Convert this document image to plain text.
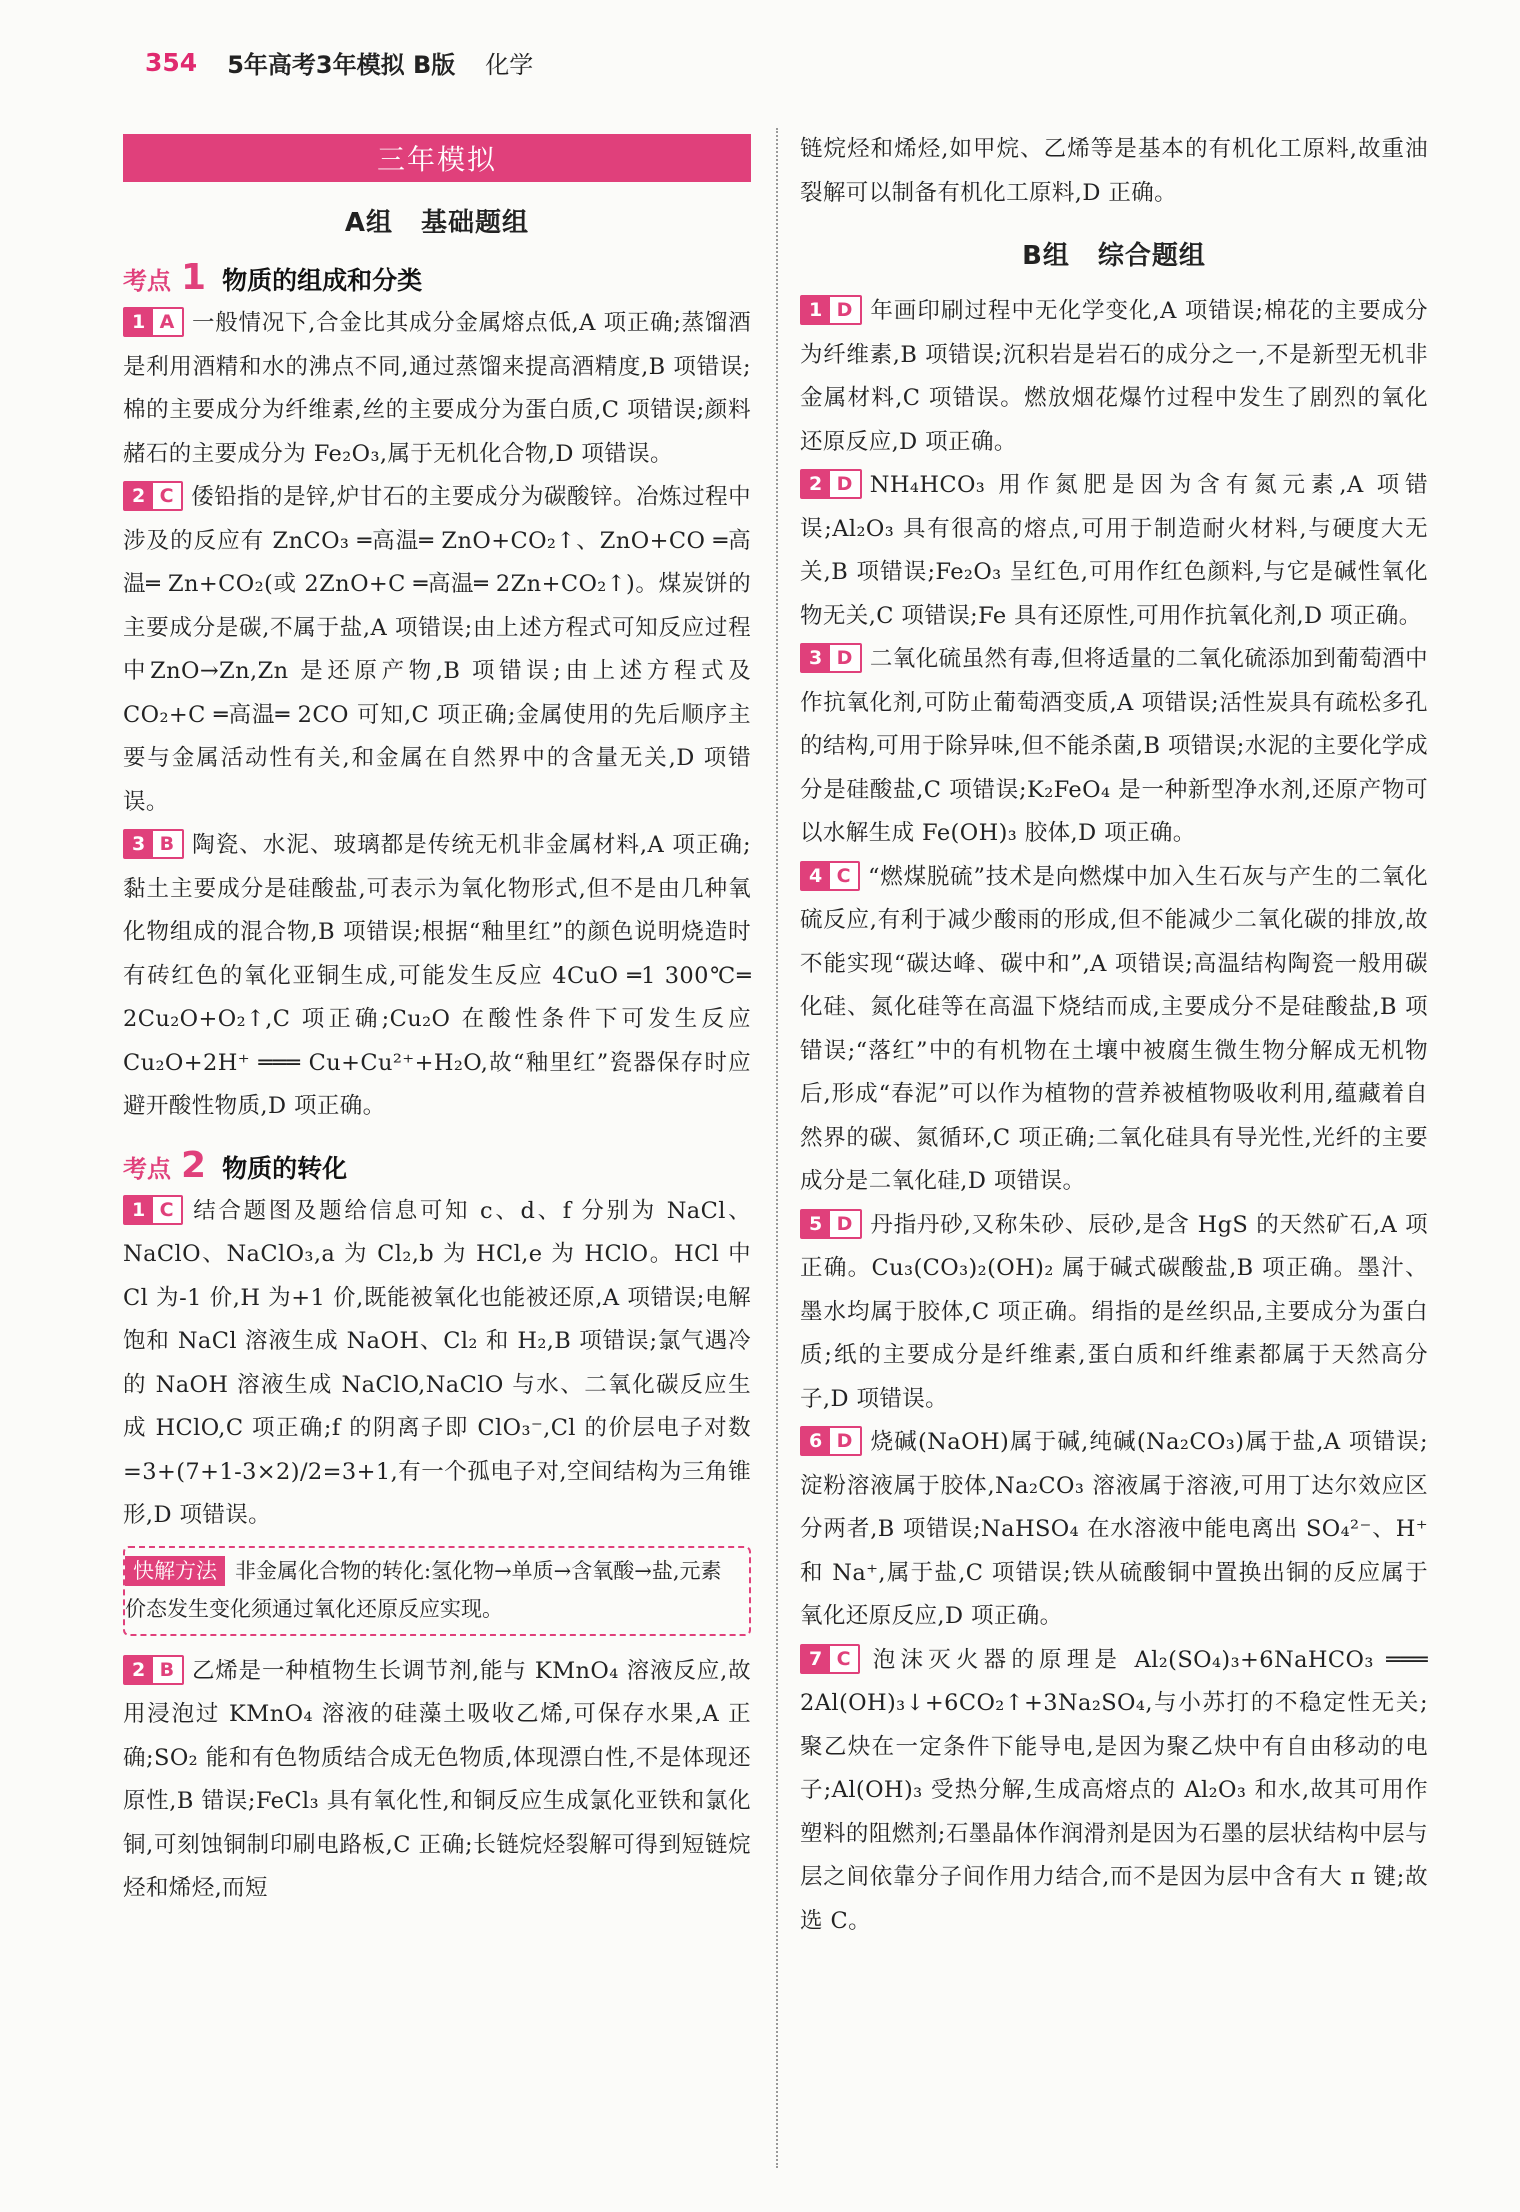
354 5年高考3年模拟 B版 化学
三年模拟
A组 基础题组
考点 1 物质的组成和分类

1 A 一般情况下,合金比其成分金属熔点低,A 项正确;蒸馏酒是利用酒精和水的沸点不同,通过蒸馏来提高酒精度,B 项错误;棉的主要成分为纤维素,丝的主要成分为蛋白质,C 项错误;颜料赭石的主要成分为 Fe₂O₃,属于无机化合物,D 项错误。

2 C 倭铅指的是锌,炉甘石的主要成分为碳酸锌。冶炼过程中涉及的反应有 ZnCO₃ ═高温═ ZnO+CO₂↑、ZnO+CO ═高温═ Zn+CO₂(或 2ZnO+C ═高温═ 2Zn+CO₂↑)。煤炭饼的主要成分是碳,不属于盐,A 项错误;由上述方程式可知反应过程中ZnO→Zn,Zn 是还原产物,B 项错误;由上述方程式及 CO₂+C ═高温═ 2CO 可知,C 项正确;金属使用的先后顺序主要与金属活动性有关,和金属在自然界中的含量无关,D 项错误。

3 B 陶瓷、水泥、玻璃都是传统无机非金属材料,A 项正确;黏土主要成分是硅酸盐,可表示为氧化物形式,但不是由几种氧化物组成的混合物,B 项错误;根据“釉里红”的颜色说明烧造时有砖红色的氧化亚铜生成,可能发生反应 4CuO ═1 300℃═ 2Cu₂O+O₂↑,C 项正确;Cu₂O 在酸性条件下可发生反应 Cu₂O+2H⁺ ═══ Cu+Cu²⁺+H₂O,故“釉里红”瓷器保存时应避开酸性物质,D 项正确。

考点 2 物质的转化

1 C 结合题图及题给信息可知 c、d、f 分别为 NaCl、NaClO、NaClO₃,a 为 Cl₂,b 为 HCl,e 为 HClO。HCl 中 Cl 为-1 价,H 为+1 价,既能被氧化也能被还原,A 项错误;电解饱和 NaCl 溶液生成 NaOH、Cl₂ 和 H₂,B 项错误;氯气遇冷的 NaOH 溶液生成 NaClO,NaClO 与水、二氧化碳反应生成 HClO,C 项正确;f 的阴离子即 ClO₃⁻,Cl 的价层电子对数=3+(7+1-3×2)/2=3+1,有一个孤电子对,空间结构为三角锥形,D 项错误。

快解方法 非金属化合物的转化:氢化物→单质→含氧酸→盐,元素价态发生变化须通过氧化还原反应实现。

2 B 乙烯是一种植物生长调节剂,能与 KMnO₄ 溶液反应,故用浸泡过 KMnO₄ 溶液的硅藻土吸收乙烯,可保存水果,A 正确;SO₂ 能和有色物质结合成无色物质,体现漂白性,不是体现还原性,B 错误;FeCl₃ 具有氧化性,和铜反应生成氯化亚铁和氯化铜,可刻蚀铜制印刷电路板,C 正确;长链烷烃裂解可得到短链烷烃和烯烃,而短

链烷烃和烯烃,如甲烷、乙烯等是基本的有机化工原料,故重油裂解可以制备有机化工原料,D 正确。

B组 综合题组

1 D 年画印刷过程中无化学变化,A 项错误;棉花的主要成分为纤维素,B 项错误;沉积岩是岩石的成分之一,不是新型无机非金属材料,C 项错误。燃放烟花爆竹过程中发生了剧烈的氧化还原反应,D 项正确。

2 D NH₄HCO₃ 用作氮肥是因为含有氮元素,A 项错误;Al₂O₃ 具有很高的熔点,可用于制造耐火材料,与硬度大无关,B 项错误;Fe₂O₃ 呈红色,可用作红色颜料,与它是碱性氧化物无关,C 项错误;Fe 具有还原性,可用作抗氧化剂,D 项正确。

3 D 二氧化硫虽然有毒,但将适量的二氧化硫添加到葡萄酒中作抗氧化剂,可防止葡萄酒变质,A 项错误;活性炭具有疏松多孔的结构,可用于除异味,但不能杀菌,B 项错误;水泥的主要化学成分是硅酸盐,C 项错误;K₂FeO₄ 是一种新型净水剂,还原产物可以水解生成 Fe(OH)₃ 胶体,D 项正确。

4 C “燃煤脱硫”技术是向燃煤中加入生石灰与产生的二氧化硫反应,有利于减少酸雨的形成,但不能减少二氧化碳的排放,故不能实现“碳达峰、碳中和”,A 项错误;高温结构陶瓷一般用碳化硅、氮化硅等在高温下烧结而成,主要成分不是硅酸盐,B 项错误;“落红”中的有机物在土壤中被腐生微生物分解成无机物后,形成“春泥”可以作为植物的营养被植物吸收利用,蕴藏着自然界的碳、氮循环,C 项正确;二氧化硅具有导光性,光纤的主要成分是二氧化硅,D 项错误。

5 D 丹指丹砂,又称朱砂、辰砂,是含 HgS 的天然矿石,A 项正确。Cu₃(CO₃)₂(OH)₂ 属于碱式碳酸盐,B 项正确。墨汁、墨水均属于胶体,C 项正确。绢指的是丝织品,主要成分为蛋白质;纸的主要成分是纤维素,蛋白质和纤维素都属于天然高分子,D 项错误。

6 D 烧碱(NaOH)属于碱,纯碱(Na₂CO₃)属于盐,A 项错误;淀粉溶液属于胶体,Na₂CO₃ 溶液属于溶液,可用丁达尔效应区分两者,B 项错误;NaHSO₄ 在水溶液中能电离出 SO₄²⁻、H⁺和 Na⁺,属于盐,C 项错误;铁从硫酸铜中置换出铜的反应属于氧化还原反应,D 项正确。

7 C 泡沫灭火器的原理是 Al₂(SO₄)₃+6NaHCO₃ ═══ 2Al(OH)₃↓+6CO₂↑+3Na₂SO₄,与小苏打的不稳定性无关;聚乙炔在一定条件下能导电,是因为聚乙炔中有自由移动的电子;Al(OH)₃ 受热分解,生成高熔点的 Al₂O₃ 和水,故其可用作塑料的阻燃剂;石墨晶体作润滑剂是因为石墨的层状结构中层与层之间依靠分子间作用力结合,而不是因为层中含有大 π 键;故选 C。
